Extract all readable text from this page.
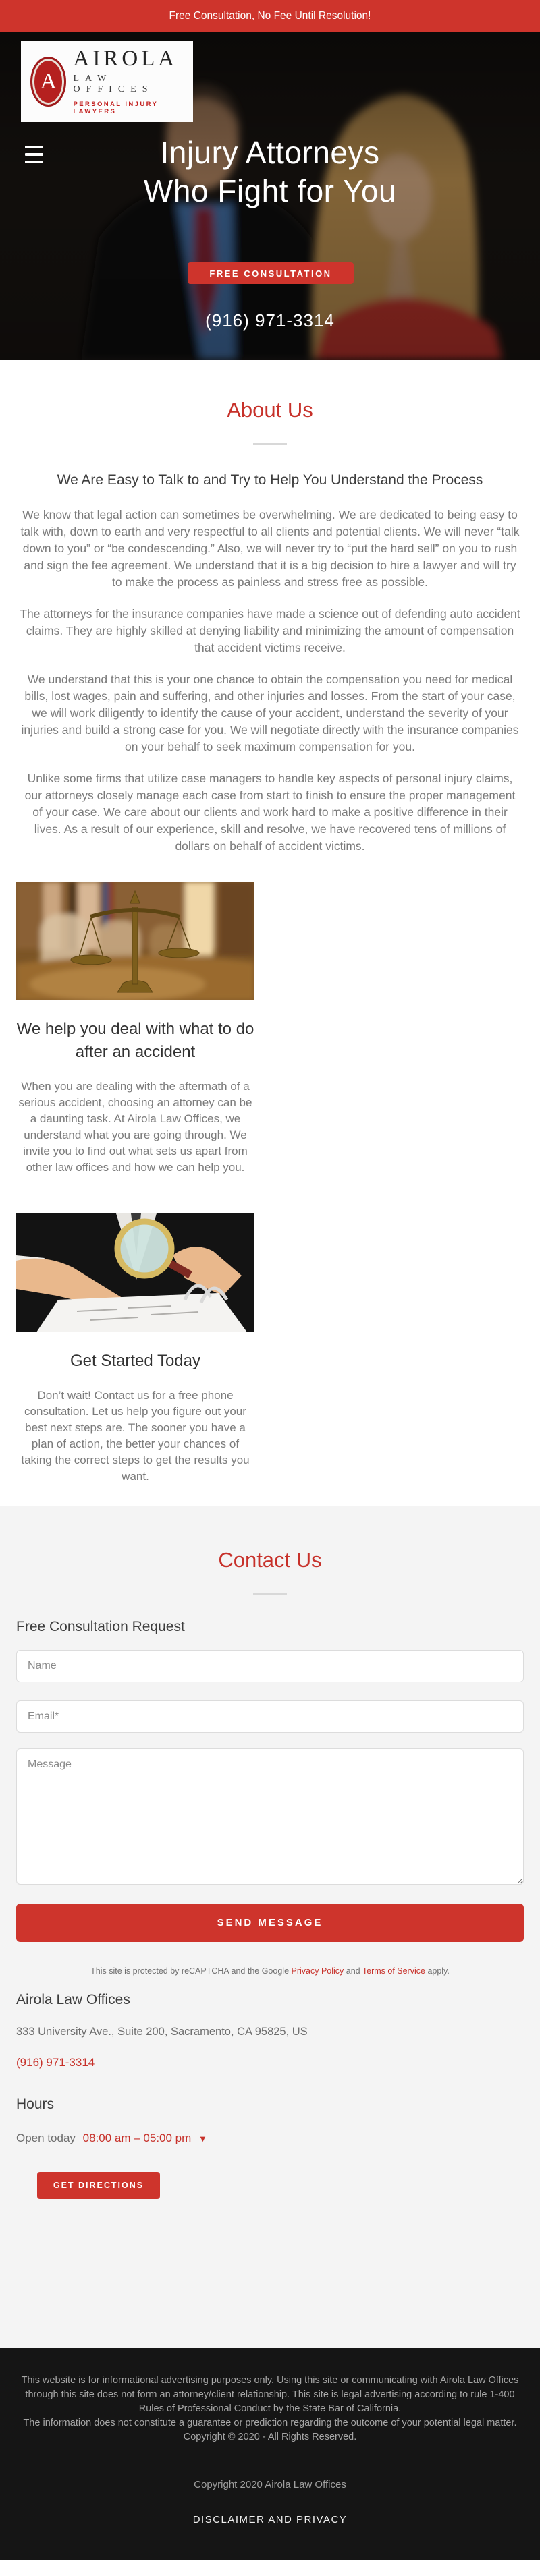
Free Consultation, No Fee Until Resolution!
A
AIROLA
LAW OFFICES
PERSONAL INJURY LAWYERS
Injury Attorneys
Who Fight for You
FREE CONSULTATION
(916) 971-3314
About Us
We Are Easy to Talk to and Try to Help You Understand the Process

We know that legal action can sometimes be overwhelming. We are dedicated to being easy to talk with, down to earth and very respectful to all clients and potential clients. We will never “talk down to you” or “be condescending.” Also, we will never try to “put the hard sell” on you to rush and sign the fee agreement. We understand that it is a big decision to hire a lawyer and will try to make the process as painless and stress free as possible.

The attorneys for the insurance companies have made a science out of defending auto accident claims. They are highly skilled at denying liability and minimizing the amount of compensation that accident victims receive.

We understand that this is your one chance to obtain the compensation you need for medical bills, lost wages, pain and suffering, and other injuries and losses. From the start of your case, we will work diligently to identify the cause of your accident, understand the severity of your injuries and build a strong case for you. We will negotiate directly with the insurance companies on your behalf to seek maximum compensation for you.

Unlike some firms that utilize case managers to handle key aspects of personal injury claims, our attorneys closely manage each case from start to finish to ensure the proper management of your case. We care about our clients and work hard to make a positive difference in their lives. As a result of our experience, skill and resolve, we have recovered tens of millions of dollars on behalf of accident victims.

We help you deal with what to do after an accident

When you are dealing with the aftermath of a serious accident, choosing an attorney can be a daunting task. At Airola Law Offices, we understand what you are going through. We invite you to find out what sets us apart from other law offices and how we can help you.

Get Started Today

Don’t wait! Contact us for a free phone consultation. Let us help you figure out your best next steps are. The sooner you have a plan of action, the better your chances of taking the correct steps to get the results you want.

Contact Us
Free Consultation Request
Name
Email*
Message
SEND MESSAGE
This site is protected by reCAPTCHA and the Google Privacy Policy and Terms of Service apply.
Airola Law Offices
333 University Ave., Suite 200, Sacramento, CA 95825, US
(916) 971-3314
Hours
Open today 08:00 am – 05:00 pm ▼
GET DIRECTIONS
This website is for informational advertising purposes only. Using this site or communicating with Airola Law Offices through this site does not form an attorney/client relationship. This site is legal advertising according to rule 1-400 Rules of Professional Conduct by the State Bar of California.
The information does not constitute a guarantee or prediction regarding the outcome of your potential legal matter.
Copyright © 2020 - All Rights Reserved.
Copyright 2020 Airola Law Offices
DISCLAIMER AND PRIVACY
